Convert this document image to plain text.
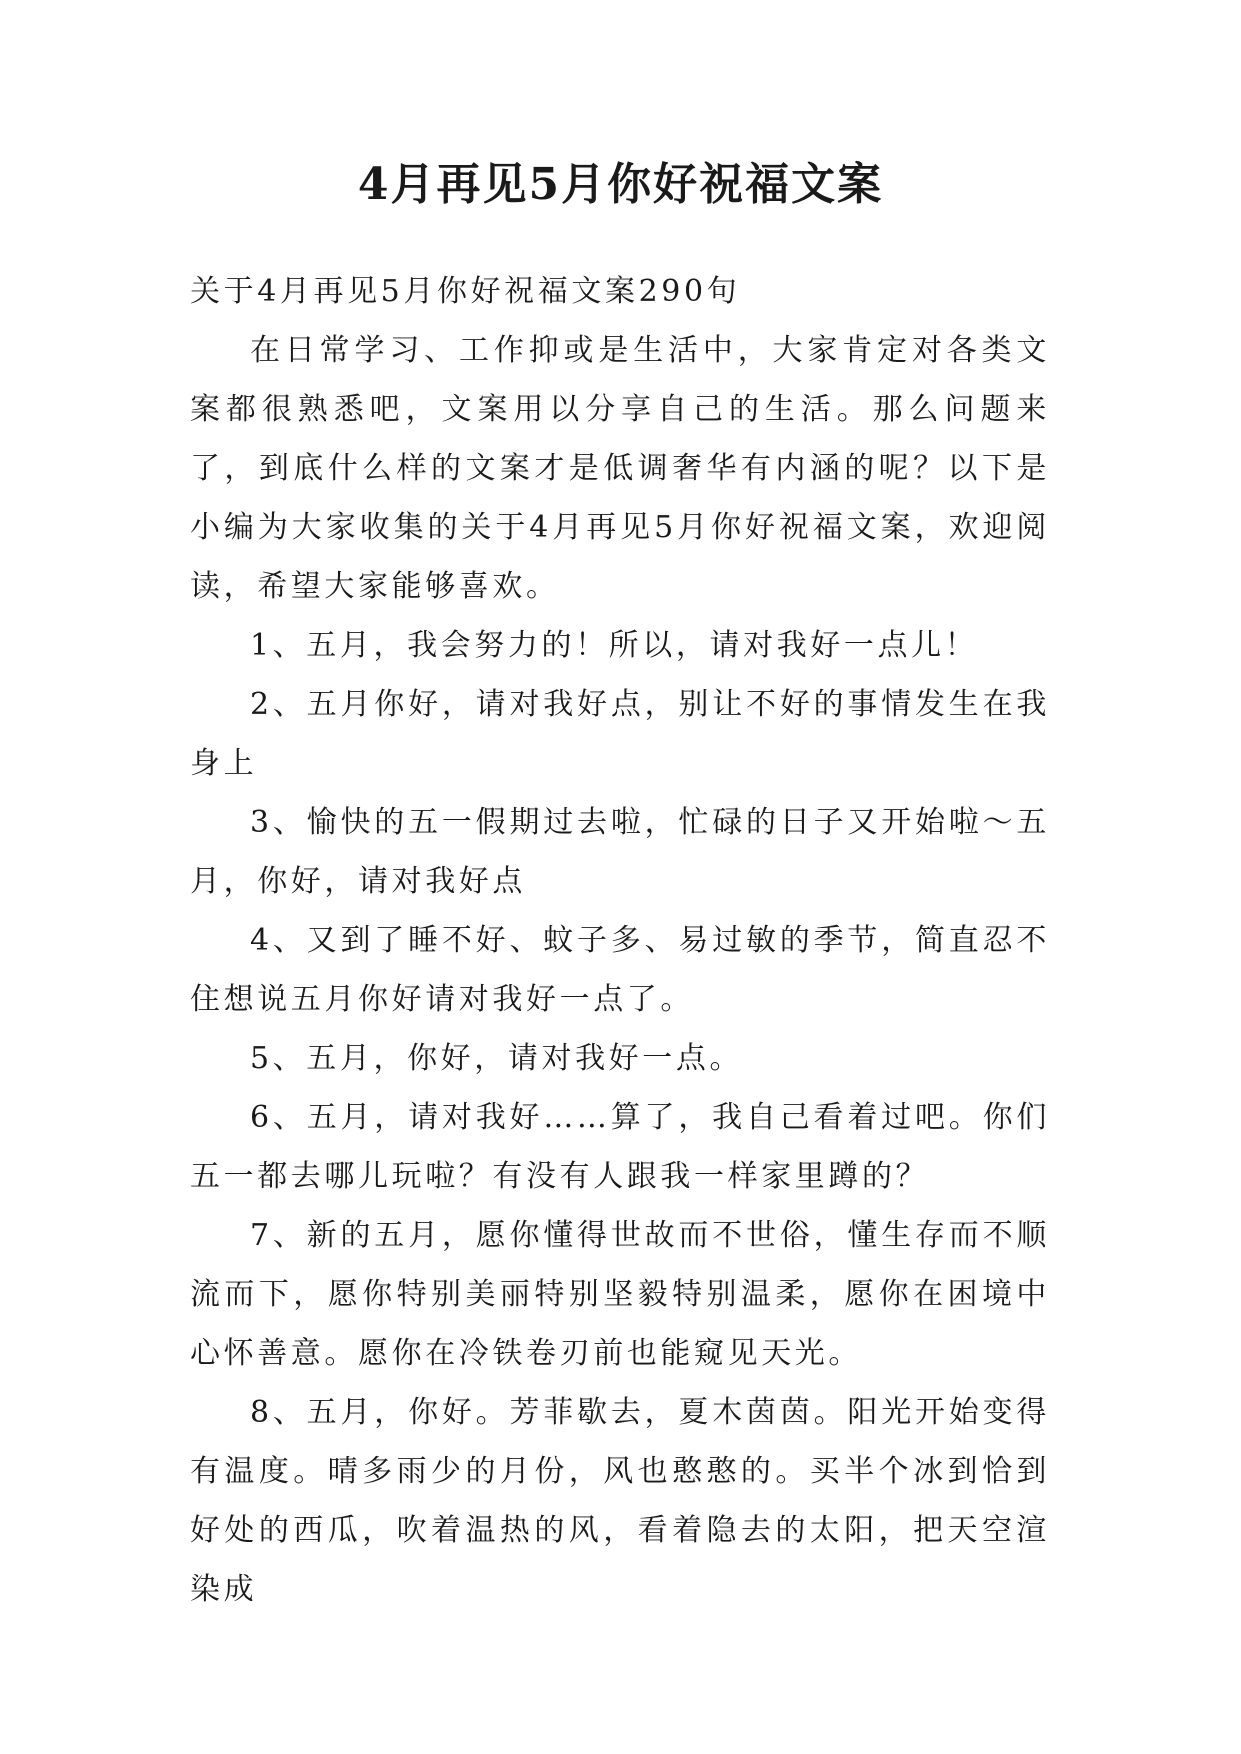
4月再见5月你好祝福文案

关于4月再见5月你好祝福文案290句

在日常学习、工作抑或是生活中，大家肯定对各类文案都很熟悉吧，文案用以分享自己的生活。那么问题来了，到底什么样的文案才是低调奢华有内涵的呢？以下是小编为大家收集的关于4月再见5月你好祝福文案，欢迎阅读，希望大家能够喜欢。

1、五月，我会努力的！所以，请对我好一点儿！

2、五月你好，请对我好点，别让不好的事情发生在我身上

3、愉快的五一假期过去啦，忙碌的日子又开始啦～五月，你好，请对我好点

4、又到了睡不好、蚊子多、易过敏的季节，简直忍不住想说五月你好请对我好一点了。

5、五月，你好，请对我好一点。

6、五月，请对我好……算了，我自己看着过吧。你们五一都去哪儿玩啦？有没有人跟我一样家里蹲的？

7、新的五月，愿你懂得世故而不世俗，懂生存而不顺流而下，愿你特别美丽特别坚毅特别温柔，愿你在困境中心怀善意。愿你在冷铁卷刃前也能窥见天光。

8、五月，你好。芳菲歇去，夏木茵茵。阳光开始变得有温度。晴多雨少的月份，风也憨憨的。买半个冰到恰到好处的西瓜，吹着温热的风，看着隐去的太阳，把天空渲染成
